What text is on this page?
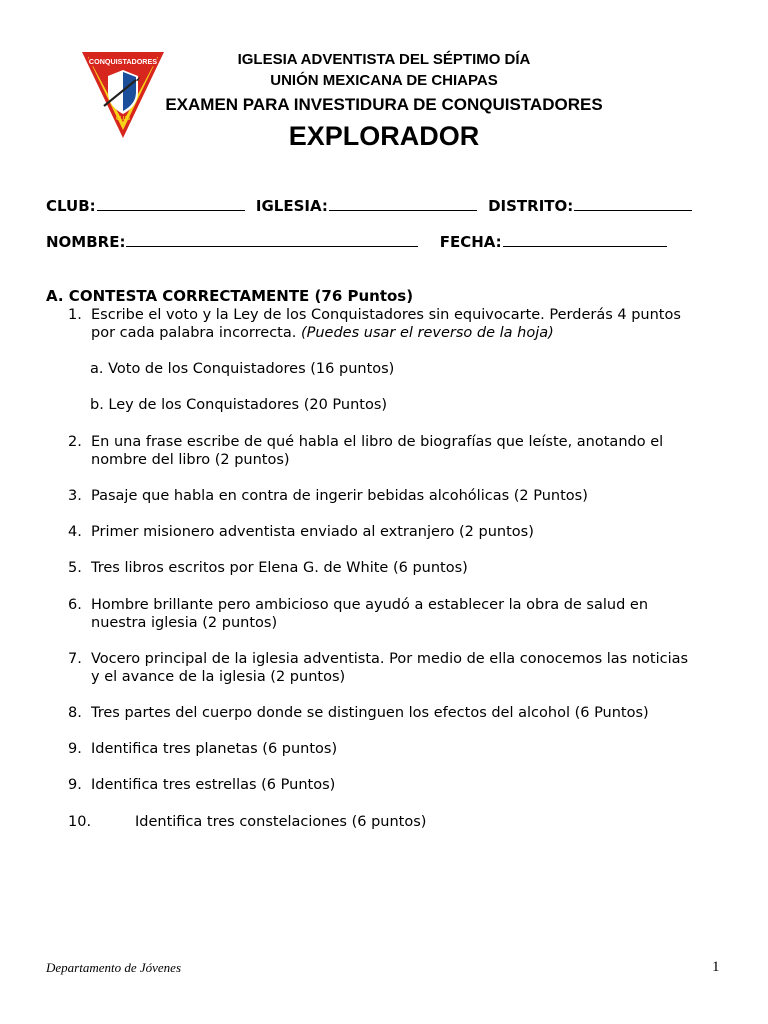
CONQUISTADORES
CLUB
IGLESIA ADVENTISTA DEL SÉPTIMO DÍA
UNIÓN MEXICANA DE CHIAPAS
EXAMEN PARA INVESTIDURA DE CONQUISTADORES
EXPLORADOR
CLUB:	IGLESIA:	DISTRITO:
NOMBRE:	FECHA:
A. CONTESTA CORRECTAMENTE (76 Puntos)
1. Escribe el voto y la Ley de los Conquistadores sin equivocarte. Perderás 4 puntos
por cada palabra incorrecta. (Puedes usar el reverso de la hoja)
a. Voto de los Conquistadores (16 puntos)
b. Ley de los Conquistadores (20 Puntos)
2. En una frase escribe de qué habla el libro de biografías que leíste, anotando el
nombre del libro (2 puntos)
3. Pasaje que habla en contra de ingerir bebidas alcohólicas (2 Puntos)
4. Primer misionero adventista enviado al extranjero (2 puntos)
5. Tres libros escritos por Elena G. de White (6 puntos)
6. Hombre brillante pero ambicioso que ayudó a establecer la obra de salud en
nuestra iglesia (2 puntos)
7. Vocero principal de la iglesia adventista. Por medio de ella conocemos las noticias
y el avance de la iglesia (2 puntos)
8. Tres partes del cuerpo donde se distinguen los efectos del alcohol (6 Puntos)
9. Identifica tres planetas (6 puntos)
9. Identifica tres estrellas (6 Puntos)
10.	Identifica tres constelaciones (6 puntos)
Departamento de Jóvenes	1
